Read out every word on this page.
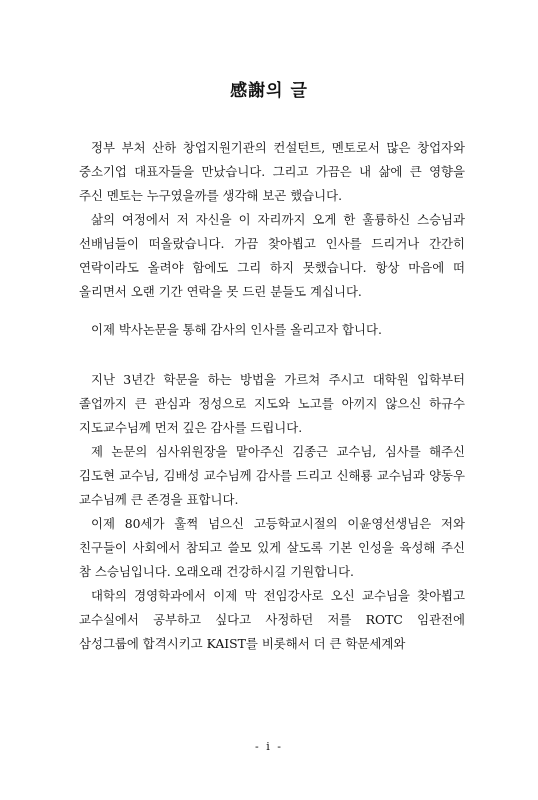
感謝의 글

정부 부처 산하 창업지원기관의 컨설턴트, 멘토로서 많은 창업자와 중소기업 대표자들을 만났습니다. 그리고 가끔은 내 삶에 큰 영향을 주신 멘토는 누구였을까를 생각해 보곤 했습니다.

삶의 여정에서 저 자신을 이 자리까지 오게 한 훌륭하신 스승님과 선배님들이 떠올랐습니다. 가끔 찾아뵙고 인사를 드리거나 간간히 연락이라도 올려야 함에도 그리 하지 못했습니다. 항상 마음에 떠 올리면서 오랜 기간 연락을 못 드린 분들도 계십니다.

이제 박사논문을 통해 감사의 인사를 올리고자 합니다.

지난 3년간 학문을 하는 방법을 가르쳐 주시고 대학원 입학부터 졸업까지 큰 관심과 정성으로 지도와 노고를 아끼지 않으신 하규수 지도교수님께 먼저 깊은 감사를 드립니다.

제 논문의 심사위원장을 맡아주신 김종근 교수님, 심사를 해주신 김도현 교수님, 김배성 교수님께 감사를 드리고 신해룡 교수님과 양동우 교수님께 큰 존경을 표합니다.

이제 80세가 훌쩍 넘으신 고등학교시절의 이윤영선생님은 저와 친구들이 사회에서 참되고 쓸모 있게 살도록 기본 인성을 육성해 주신 참 스승님입니다. 오래오래 건강하시길 기원합니다.

대학의 경영학과에서 이제 막 전임강사로 오신 교수님을 찾아뵙고 교수실에서 공부하고 싶다고 사정하던 저를 ROTC 임관전에 삼성그룹에 합격시키고 KAIST를 비롯해서 더 큰 학문세계와

- i -
